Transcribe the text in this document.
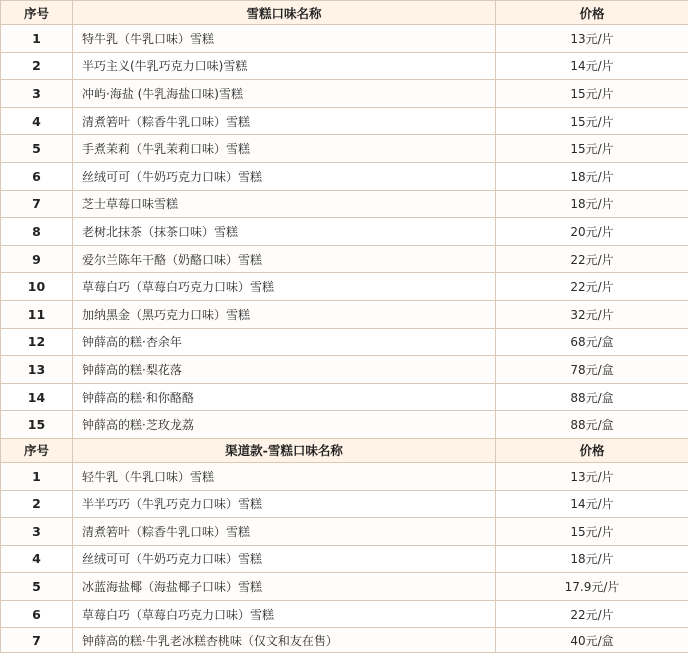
序号	雪糕口味名称	价格
1	特牛乳（牛乳口味）雪糕	13元/片
2	半巧主义(牛乳巧克力口味)雪糕	14元/片
3	冲屿·海盐 (牛乳海盐口味)雪糕	15元/片
4	清煮箬叶（粽香牛乳口味）雪糕	15元/片
5	手煮茉莉（牛乳茉莉口味）雪糕	15元/片
6	丝绒可可（牛奶巧克力口味）雪糕	18元/片
7	芝士草莓口味雪糕	18元/片
8	老树北抹茶（抹茶口味）雪糕	20元/片
9	爱尔兰陈年干酪（奶酪口味）雪糕	22元/片
10	草莓白巧（草莓白巧克力口味）雪糕	22元/片
11	加纳黑金（黑巧克力口味）雪糕	32元/片
12	钟薛高的糕·杏余年	68元/盒
13	钟薛高的糕·梨花落	78元/盒
14	钟薛高的糕·和你酪酪	88元/盒
15	钟薛高的糕·芝玫龙荔	88元/盒
序号	渠道款-雪糕口味名称	价格
1	轻牛乳（牛乳口味）雪糕	13元/片
2	半半巧巧（牛乳巧克力口味）雪糕	14元/片
3	清煮箬叶（粽香牛乳口味）雪糕	15元/片
4	丝绒可可（牛奶巧克力口味）雪糕	18元/片
5	冰蓝海盐椰（海盐椰子口味）雪糕	17.9元/片
6	草莓白巧（草莓白巧克力口味）雪糕	22元/片
7	钟薛高的糕·牛乳老冰糕杏桃味（仅文和友在售）	40元/盒
